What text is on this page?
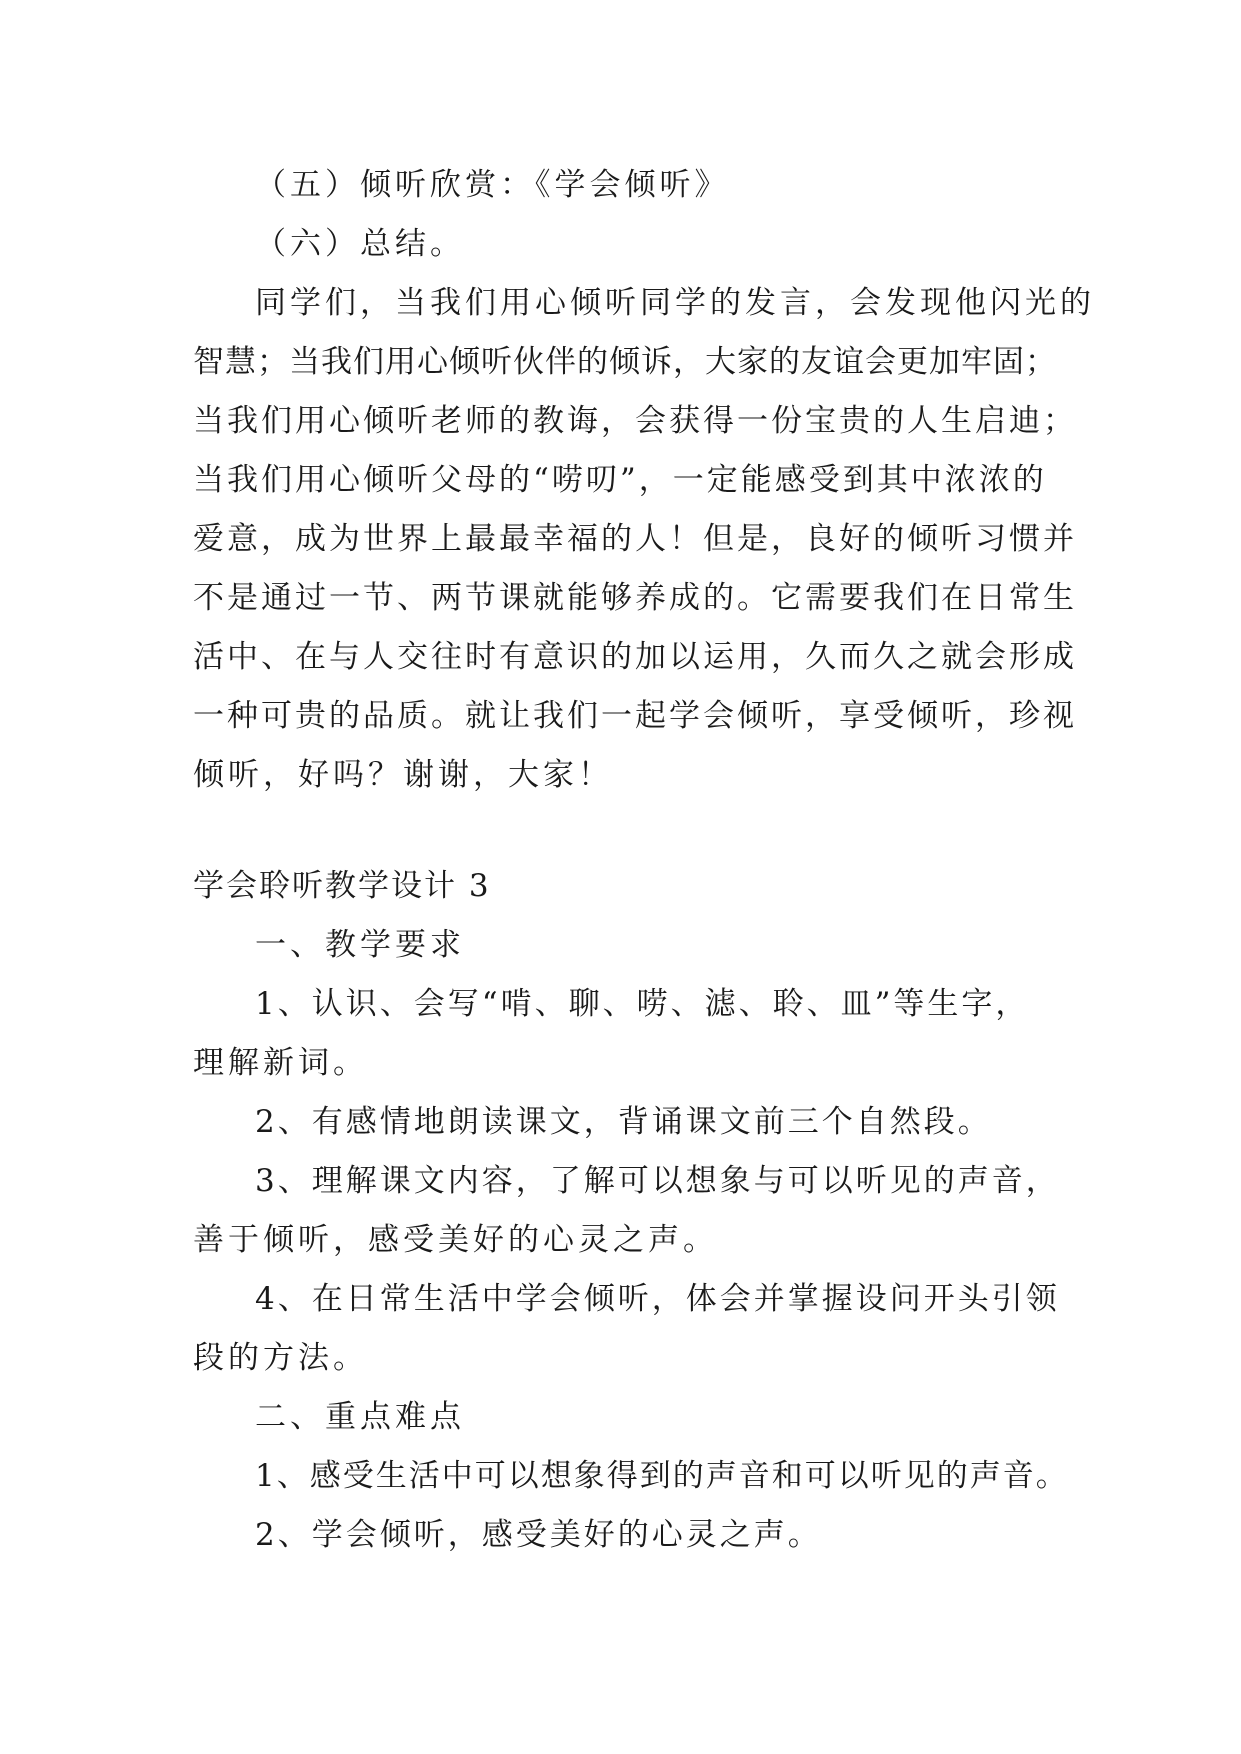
（五）倾听欣赏：《学会倾听》
（六）总结。
同学们，当我们用心倾听同学的发言，会发现他闪光的
智慧；当我们用心倾听伙伴的倾诉，大家的友谊会更加牢固；
当我们用心倾听老师的教诲，会获得一份宝贵的人生启迪；
当我们用心倾听父母的“唠叨”，一定能感受到其中浓浓的
爱意，成为世界上最最幸福的人！但是，良好的倾听习惯并
不是通过一节、两节课就能够养成的。它需要我们在日常生
活中、在与人交往时有意识的加以运用，久而久之就会形成
一种可贵的品质。就让我们一起学会倾听，享受倾听，珍视
倾听，好吗？谢谢，大家！
学会聆听教学设计 3
一、教学要求
1、认识、会写“啃、聊、唠、滤、聆、皿”等生字，
理解新词。
2、有感情地朗读课文，背诵课文前三个自然段。
3、理解课文内容，了解可以想象与可以听见的声音，
善于倾听，感受美好的心灵之声。
4、在日常生活中学会倾听，体会并掌握设问开头引领
段的方法。
二、重点难点
1、感受生活中可以想象得到的声音和可以听见的声音。
2、学会倾听，感受美好的心灵之声。
